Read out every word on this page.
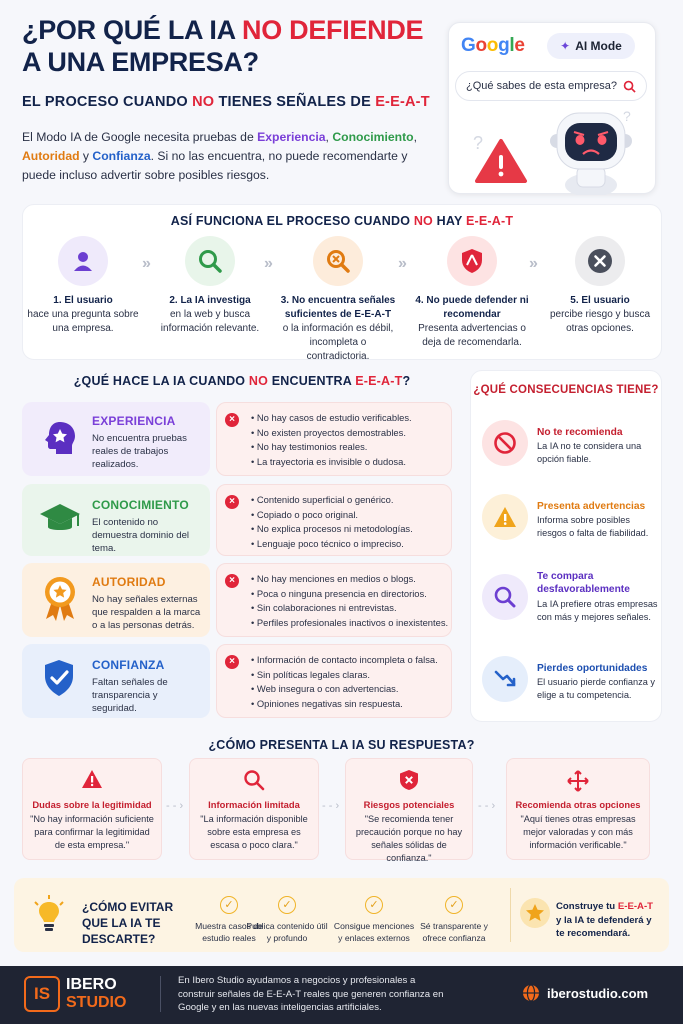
¿POR QUÉ LA IA NO DEFIENDE
A UNA EMPRESA?
EL PROCESO CUANDO NO TIENES SEÑALES DE E-E-A-T
El Modo IA de Google necesita pruebas de Experiencia, Conocimiento,
Autoridad y Confianza. Si no las encuentra, no puede recomendarte y puede incluso advertir sobre posibles riesgos.
Google	✦ AI Mode
¿Qué sabes de esta empresa?
?
?
ASÍ FUNCIONA EL PROCESO CUANDO NO HAY E-E-A-T
1. El usuario
hace una pregunta sobre una empresa.
»
2. La IA investiga
en la web y busca información relevante.
»
3. No encuentra señales suficientes de E-E-A-T
o la información es débil, incompleta o contradictoria.
»
4. No puede defender ni recomendar
Presenta advertencias o deja de recomendarla.
»
5. El usuario
percibe riesgo y busca otras opciones.
¿QUÉ HACE LA IA CUANDO NO ENCUENTRA E-E-A-T?
EXPERIENCIA
No encuentra pruebas reales de trabajos realizados.
×	• No hay casos de estudio verificables.
• No existen proyectos demostrables.
• No hay testimonios reales.
• La trayectoria es invisible o dudosa.
CONOCIMIENTO
El contenido no demuestra dominio del tema.
×	• Contenido superficial o genérico.
• Copiado o poco original.
• No explica procesos ni metodologías.
• Lenguaje poco técnico o impreciso.
AUTORIDAD
No hay señales externas que respalden a la marca o a las personas detrás.
×	• No hay menciones en medios o blogs.
• Poca o ninguna presencia en directorios.
• Sin colaboraciones ni entrevistas.
• Perfiles profesionales inactivos o inexistentes.
CONFIANZA
Faltan señales de transparencia y seguridad.
×	• Información de contacto incompleta o falsa.
• Sin políticas legales claras.
• Web insegura o con advertencias.
• Opiniones negativas sin respuesta.
¿QUÉ CONSECUENCIAS TIENE?
No te recomienda
La IA no te considera una opción fiable.
Presenta advertencias
Informa sobre posibles riesgos o falta de fiabilidad.
Te compara desfavorablemente
La IA prefiere otras empresas con más y mejores señales.
Pierdes oportunidades
El usuario pierde confianza y elige a tu competencia.
¿CÓMO PRESENTA LA IA SU RESPUESTA?
Dudas sobre la legitimidad
"No hay información suficiente para confirmar la legitimidad de esta empresa."
- - ›	Información limitada
"La información disponible sobre esta empresa es escasa o poco clara."
- - ›	Riesgos potenciales
"Se recomienda tener precaución porque no hay señales sólidas de confianza."
- - ›	Recomienda otras opciones
"Aquí tienes otras empresas mejor valoradas y con más información verificable."
¿CÓMO EVITAR QUE LA IA TE DESCARTE?
✓
Muestra casos de estudio reales
✓
Publica contenido útil y profundo
✓
Consigue menciones y enlaces externos
✓
Sé transparente y ofrece confianza
Construye tu E-E-A-T
y la IA te defenderá y te recomendará.
IS IBERO
STUDIO
En Ibero Studio ayudamos a negocios y profesionales a construir señales de E-E-A-T reales que generen confianza en Google y en las nuevas inteligencias artificiales.
iberostudio.com
